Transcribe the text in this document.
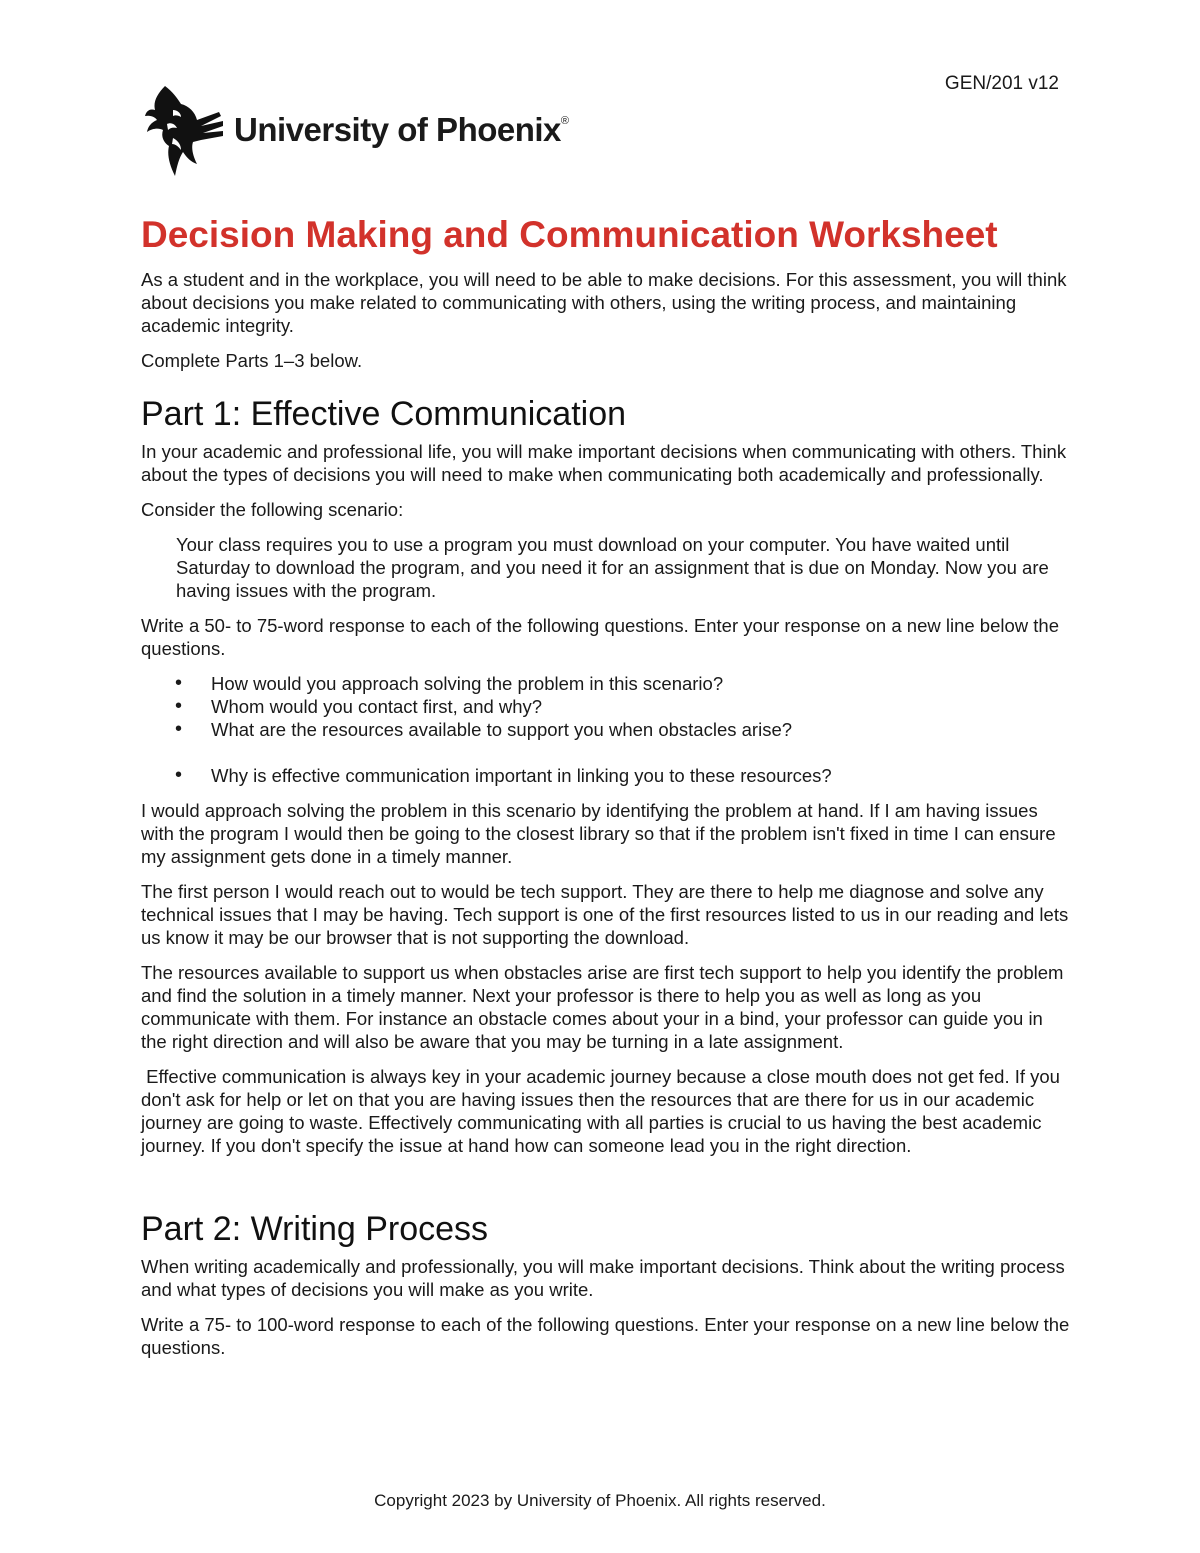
GEN/201 v12

University of Phoenix®
Decision Making and Communication Worksheet

As a student and in the workplace, you will need to be able to make decisions. For this assessment, you will think about decisions you make related to communicating with others, using the writing process, and maintaining academic integrity.

Complete Parts 1–3 below.

Part 1: Effective Communication

In your academic and professional life, you will make important decisions when communicating with others. Think about the types of decisions you will need to make when communicating both academically and professionally.

Consider the following scenario:

Your class requires you to use a program you must download on your computer. You have waited until Saturday to download the program, and you need it for an assignment that is due on Monday. Now you are having issues with the program.

Write a 50- to 75-word response to each of the following questions. Enter your response on a new line below the questions.

• How would you approach solving the problem in this scenario?
• Whom would you contact first, and why?
• What are the resources available to support you when obstacles arise?
• Why is effective communication important in linking you to these resources?

I would approach solving the problem in this scenario by identifying the problem at hand. If I am having issues with the program I would then be going to the closest library so that if the problem isn't fixed in time I can ensure my assignment gets done in a timely manner.

The first person I would reach out to would be tech support. They are there to help me diagnose and solve any technical issues that I may be having. Tech support is one of the first resources listed to us in our reading and lets us know it may be our browser that is not supporting the download.

The resources available to support us when obstacles arise are first tech support to help you identify the problem and find the solution in a timely manner. Next your professor is there to help you as well as long as you communicate with them. For instance an obstacle comes about your in a bind, your professor can guide you in the right direction and will also be aware that you may be turning in a late assignment.

Effective communication is always key in your academic journey because a close mouth does not get fed. If you don't ask for help or let on that you are having issues then the resources that are there for us in our academic journey are going to waste. Effectively communicating with all parties is crucial to us having the best academic journey. If you don't specify the issue at hand how can someone lead you in the right direction.

Part 2: Writing Process

When writing academically and professionally, you will make important decisions. Think about the writing process and what types of decisions you will make as you write.

Write a 75- to 100-word response to each of the following questions. Enter your response on a new line below the questions.

Copyright 2023 by University of Phoenix. All rights reserved.
